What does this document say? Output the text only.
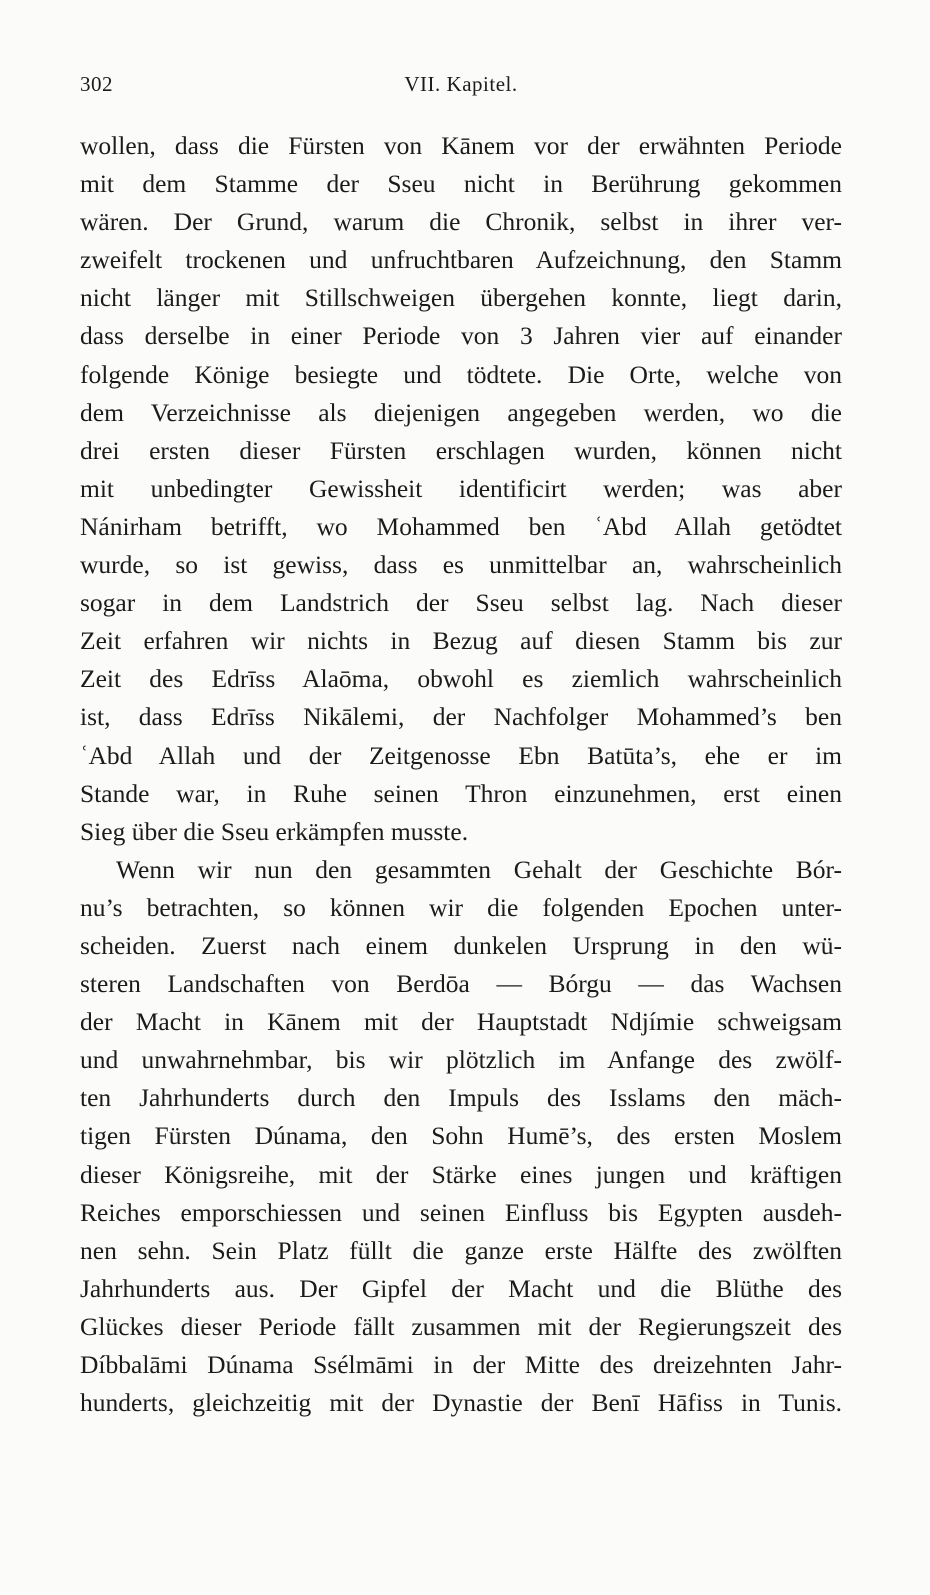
302	VII. Kapitel.
wollen, dass die Fürsten von Kānem vor der erwähnten Periode
mit dem Stamme der Sseu nicht in Berührung gekommen
wären. Der Grund, warum die Chronik, selbst in ihrer ver-
zweifelt trockenen und unfruchtbaren Aufzeichnung, den Stamm
nicht länger mit Stillschweigen übergehen konnte, liegt darin,
dass derselbe in einer Periode von 3 Jahren vier auf einander
folgende Könige besiegte und tödtete. Die Orte, welche von
dem Verzeichnisse als diejenigen angegeben werden, wo die
drei ersten dieser Fürsten erschlagen wurden, können nicht
mit unbedingter Gewissheit identificirt werden; was aber
Nánirham betrifft, wo Mohammed ben ʿAbd Allah getödtet
wurde, so ist gewiss, dass es unmittelbar an, wahrscheinlich
sogar in dem Landstrich der Sseu selbst lag. Nach dieser
Zeit erfahren wir nichts in Bezug auf diesen Stamm bis zur
Zeit des Edrīss Alaōma, obwohl es ziemlich wahrscheinlich
ist, dass Edrīss Nikālemi, der Nachfolger Mohammed’s ben
ʿAbd Allah und der Zeitgenosse Ebn Batūta’s, ehe er im
Stande war, in Ruhe seinen Thron einzunehmen, erst einen
Sieg über die Sseu erkämpfen musste.
Wenn wir nun den gesammten Gehalt der Geschichte Bór-
nu’s betrachten, so können wir die folgenden Epochen unter-
scheiden. Zuerst nach einem dunkelen Ursprung in den wü-
steren Landschaften von Berdōa — Bórgu — das Wachsen
der Macht in Kānem mit der Hauptstadt Ndjímie schweigsam
und unwahrnehmbar, bis wir plötzlich im Anfange des zwölf-
ten Jahrhunderts durch den Impuls des Isslams den mäch-
tigen Fürsten Dúnama, den Sohn Humē’s, des ersten Moslem
dieser Königsreihe, mit der Stärke eines jungen und kräftigen
Reiches emporschiessen und seinen Einfluss bis Egypten ausdeh-
nen sehn. Sein Platz füllt die ganze erste Hälfte des zwölften
Jahrhunderts aus. Der Gipfel der Macht und die Blüthe des
Glückes dieser Periode fällt zusammen mit der Regierungszeit des
Díbbalāmi Dúnama Ssélmāmi in der Mitte des dreizehnten Jahr-
hunderts, gleichzeitig mit der Dynastie der Benī Hāfiss in Tunis.
